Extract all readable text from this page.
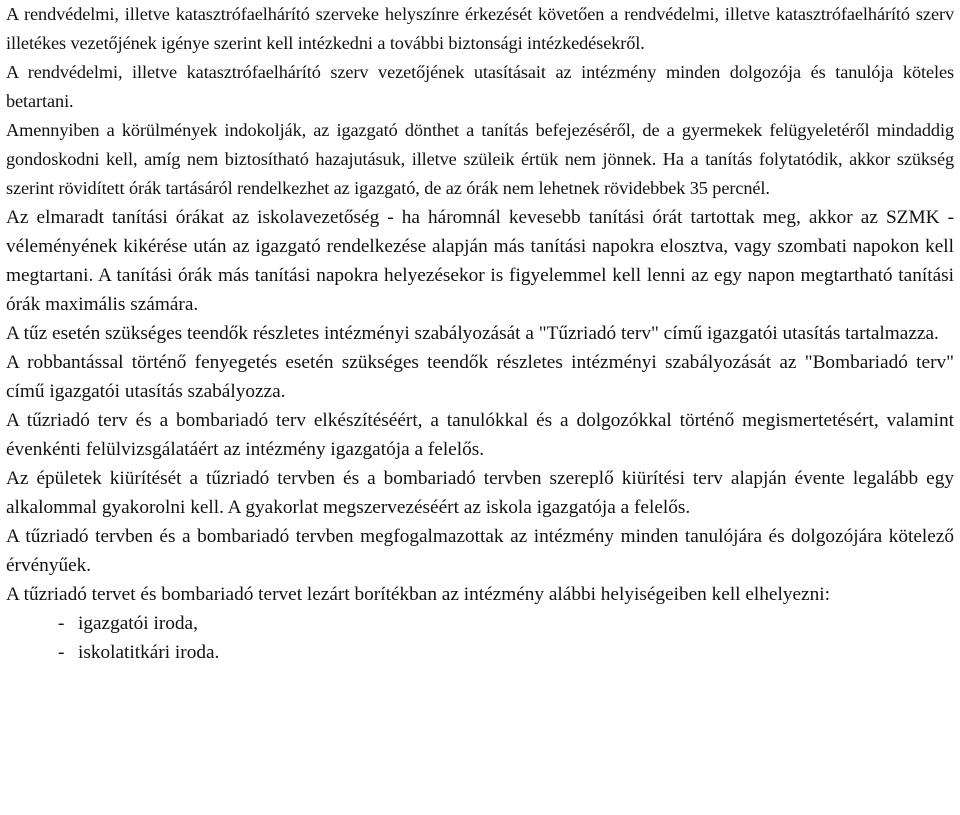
A rendvédelmi, illetve katasztrófaelhárító szerveke helyszínre érkezését követően a rendvédelmi, illetve katasztrófaelhárító szerv illetékes vezetőjének igénye szerint kell intézkedni a további biztonsági intézkedésekről.

A rendvédelmi, illetve katasztrófaelhárító szerv vezetőjének utasításait az intézmény minden dolgozója és tanulója köteles betartani.

Amennyiben a körülmények indokolják, az igazgató dönthet a tanítás befejezéséről, de a gyermekek felügyeletéről mindaddig gondoskodni kell, amíg nem biztosítható hazajutásuk, illetve szüleik értük nem jönnek. Ha a tanítás folytatódik, akkor szükség szerint rövidített órák tartásáról rendelkezhet az igazgató, de az órák nem lehetnek rövidebbek 35 percnél.

Az elmaradt tanítási órákat az iskolavezetőség - ha háromnál kevesebb tanítási órát tartottak meg, akkor az SZMK - véleményének kikérése után az igazgató rendelkezése alapján más tanítási napokra elosztva, vagy szombati napokon kell megtartani. A tanítási órák más tanítási napokra helyezésekor is figyelemmel kell lenni az egy napon megtartható tanítási órák maximális számára.

A tűz esetén szükséges teendők részletes intézményi szabályozását a "Tűzriadó terv" című igazgatói utasítás tartalmazza.

A robbantással történő fenyegetés esetén szükséges teendők részletes intézményi szabályozását az "Bombariadó terv" című igazgatói utasítás szabályozza.

A tűzriadó terv és a bombariadó terv elkészítéséért, a tanulókkal és a dolgozókkal történő megismertetésért, valamint évenkénti felülvizsgálatáért az intézmény igazgatója a felelős.

Az épületek kiürítését a tűzriadó tervben és a bombariadó tervben szereplő kiürítési terv alapján évente legalább egy alkalommal gyakorolni kell. A gyakorlat megszervezéséért az iskola igazgatója a felelős.

A tűzriadó tervben és a bombariadó tervben megfogalmazottak az intézmény minden tanulójára és dolgozójára kötelező érvényűek.

A tűzriadó tervet és bombariadó tervet lezárt borítékban az intézmény alábbi helyiségeiben kell elhelyezni:

- igazgatói iroda,
- iskolatitkári iroda.
